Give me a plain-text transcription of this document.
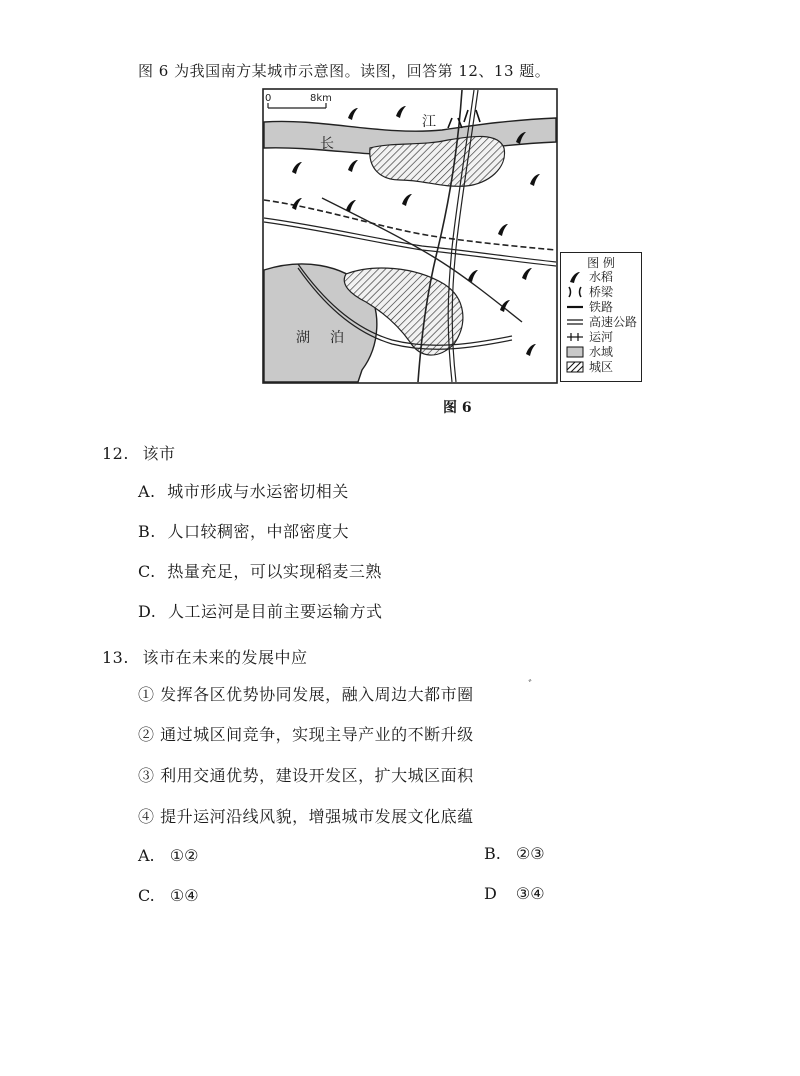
图 6 为我国南方某城市示意图。读图，回答第 12、13 题。
0	8km
长
江
湖 泊
图 例
水稻
桥梁
铁路
高速公路
运河
水域
城区
图 6
12. 该市
A. 城市形成与水运密切相关
B. 人口较稠密，中部密度大
C. 热量充足，可以实现稻麦三熟
D. 人工运河是目前主要运输方式
13. 该市在未来的发展中应
① 发挥各区优势协同发展，融入周边大都市圈	ﾞ
② 通过城区间竞争，实现主导产业的不断升级
③ 利用交通优势，建设开发区，扩大城区面积
④ 提升运河沿线风貌，增强城市发展文化底蕴
A. ①②	B. ②③
C. ①④	D ③④
